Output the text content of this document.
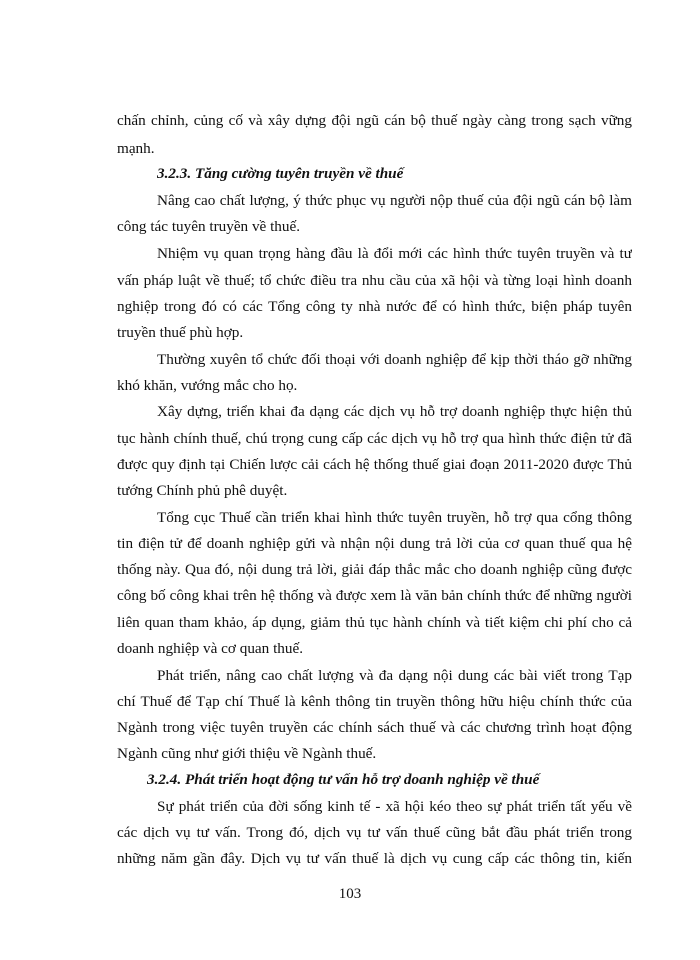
chấn chỉnh, củng cố và xây dựng đội ngũ cán bộ thuế ngày càng trong sạch vững
mạnh.
3.2.3. Tăng cường tuyên truyền về thuế
Nâng cao chất lượng, ý thức phục vụ người nộp thuế của đội ngũ cán bộ làm
công tác tuyên truyền về thuế.
Nhiệm vụ quan trọng hàng đầu là đổi mới các hình thức tuyên truyền và tư
vấn pháp luật về thuế; tổ chức điều tra nhu cầu của xã hội và từng loại hình doanh
nghiệp trong đó có các Tổng công ty nhà nước để có hình thức, biện pháp tuyên
truyền thuế phù hợp.
Thường xuyên tổ chức đối thoại với doanh nghiệp để kịp thời tháo gỡ những
khó khăn, vướng mắc cho họ.
Xây dựng, triển khai đa dạng các dịch vụ hỗ trợ doanh nghiệp thực hiện thủ
tục hành chính thuế, chú trọng cung cấp các dịch vụ hỗ trợ qua hình thức điện tử đã
được quy định tại Chiến lược cải cách hệ thống thuế giai đoạn 2011-2020 được Thủ
tướng Chính phủ phê duyệt.
Tổng cục Thuế cần triển khai hình thức tuyên truyền, hỗ trợ qua cổng thông
tin điện tử để doanh nghiệp gửi và nhận nội dung trả lời của cơ quan thuế qua hệ
thống này. Qua đó, nội dung trả lời, giải đáp thắc mắc cho doanh nghiệp cũng được
công bố công khai trên hệ thống và được xem là văn bản chính thức để những người
liên quan tham khảo, áp dụng, giảm thủ tục hành chính và tiết kiệm chi phí cho cả
doanh nghiệp và cơ quan thuế.
Phát triển, nâng cao chất lượng và đa dạng nội dung các bài viết trong Tạp
chí Thuế để Tạp chí Thuế là kênh thông tin truyền thông hữu hiệu chính thức của
Ngành trong việc tuyên truyền các chính sách thuế và các chương trình hoạt động
Ngành cũng như giới thiệu về Ngành thuế.
3.2.4. Phát triển hoạt động tư vấn hỗ trợ doanh nghiệp về thuế
Sự phát triển của đời sống kinh tế - xã hội kéo theo sự phát triển tất yếu về
các dịch vụ tư vấn. Trong đó, dịch vụ tư vấn thuế cũng bắt đầu phát triển trong
những năm gần đây. Dịch vụ tư vấn thuế là dịch vụ cung cấp các thông tin, kiến
103
